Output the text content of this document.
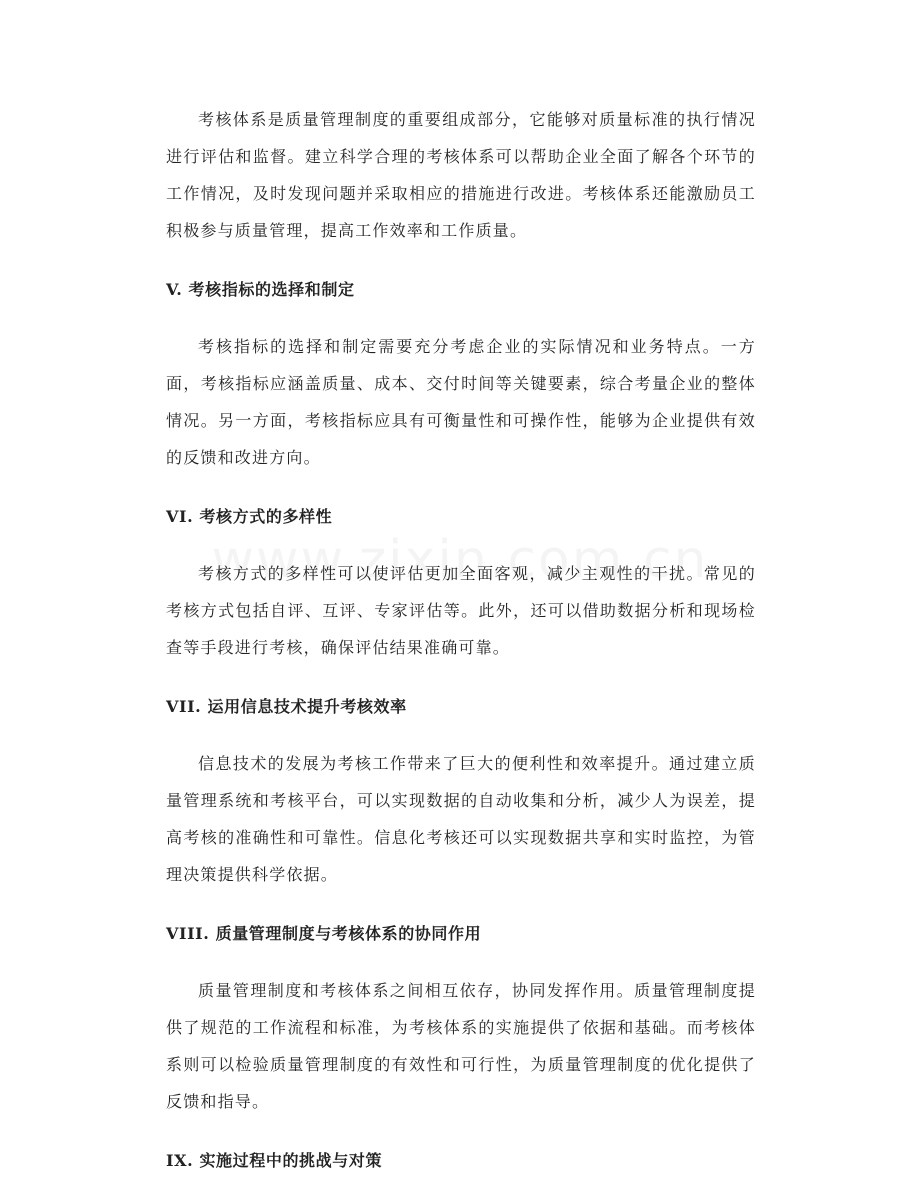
考核体系是质量管理制度的重要组成部分，它能够对质量标准的执行情况进行评估和监督。建立科学合理的考核体系可以帮助企业全面了解各个环节的工作情况，及时发现问题并采取相应的措施进行改进。考核体系还能激励员工积极参与质量管理，提高工作效率和工作质量。

V. 考核指标的选择和制定

考核指标的选择和制定需要充分考虑企业的实际情况和业务特点。一方面，考核指标应涵盖质量、成本、交付时间等关键要素，综合考量企业的整体情况。另一方面，考核指标应具有可衡量性和可操作性，能够为企业提供有效的反馈和改进方向。

VI. 考核方式的多样性

考核方式的多样性可以使评估更加全面客观，减少主观性的干扰。常见的考核方式包括自评、互评、专家评估等。此外，还可以借助数据分析和现场检查等手段进行考核，确保评估结果准确可靠。

VII. 运用信息技术提升考核效率

信息技术的发展为考核工作带来了巨大的便利性和效率提升。通过建立质量管理系统和考核平台，可以实现数据的自动收集和分析，减少人为误差，提高考核的准确性和可靠性。信息化考核还可以实现数据共享和实时监控，为管理决策提供科学依据。

VIII. 质量管理制度与考核体系的协同作用

质量管理制度和考核体系之间相互依存，协同发挥作用。质量管理制度提供了规范的工作流程和标准，为考核体系的实施提供了依据和基础。而考核体系则可以检验质量管理制度的有效性和可行性，为质量管理制度的优化提供了反馈和指导。

IX. 实施过程中的挑战与对策
